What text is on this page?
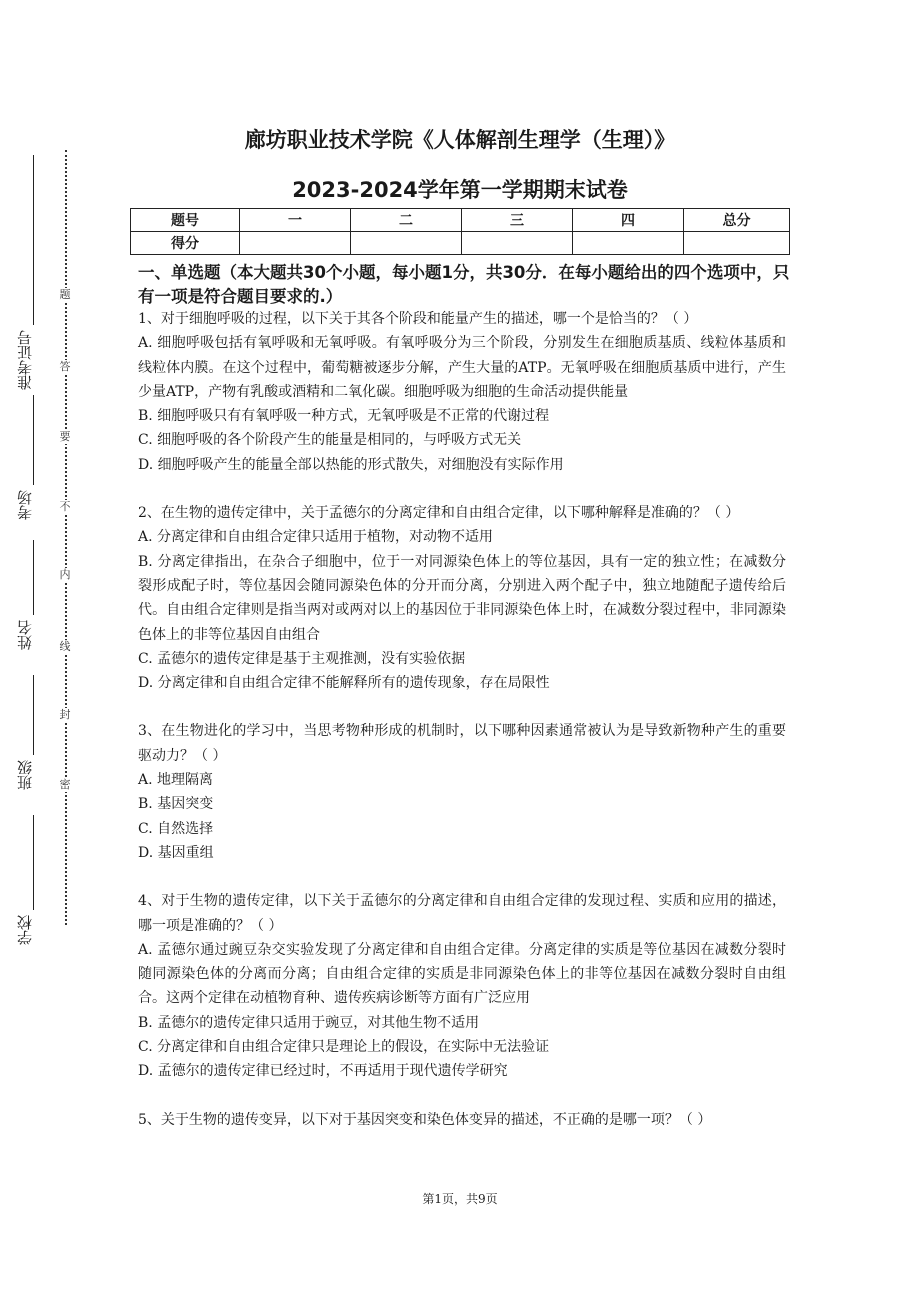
准考证号
考场
姓名
班级
学校
题
答
要
不
内
线
封
密
廊坊职业技术学院《人体解剖生理学（生理）》
2023-2024学年第一学期期末试卷
题号	一	二	三	四	总分
得分					
一、单选题（本大题共30个小题，每小题1分，共30分．在每小题给出的四个选项中，只有一项是符合题目要求的.）

1、对于细胞呼吸的过程，以下关于其各个阶段和能量产生的描述，哪一个是恰当的？（ ）

A. 细胞呼吸包括有氧呼吸和无氧呼吸。有氧呼吸分为三个阶段，分别发生在细胞质基质、线粒体基质和线粒体内膜。在这个过程中，葡萄糖被逐步分解，产生大量的ATP。无氧呼吸在细胞质基质中进行，产生少量ATP，产物有乳酸或酒精和二氧化碳。细胞呼吸为细胞的生命活动提供能量

B. 细胞呼吸只有有氧呼吸一种方式，无氧呼吸是不正常的代谢过程

C. 细胞呼吸的各个阶段产生的能量是相同的，与呼吸方式无关

D. 细胞呼吸产生的能量全部以热能的形式散失，对细胞没有实际作用

2、在生物的遗传定律中，关于孟德尔的分离定律和自由组合定律，以下哪种解释是准确的？（ ）

A. 分离定律和自由组合定律只适用于植物，对动物不适用

B. 分离定律指出，在杂合子细胞中，位于一对同源染色体上的等位基因，具有一定的独立性；在减数分裂形成配子时，等位基因会随同源染色体的分开而分离，分别进入两个配子中，独立地随配子遗传给后代。自由组合定律则是指当两对或两对以上的基因位于非同源染色体上时，在减数分裂过程中，非同源染色体上的非等位基因自由组合

C. 孟德尔的遗传定律是基于主观推测，没有实验依据

D. 分离定律和自由组合定律不能解释所有的遗传现象，存在局限性

3、在生物进化的学习中，当思考物种形成的机制时，以下哪种因素通常被认为是导致新物种产生的重要驱动力？（ ）

A. 地理隔离

B. 基因突变

C. 自然选择

D. 基因重组

4、对于生物的遗传定律，以下关于孟德尔的分离定律和自由组合定律的发现过程、实质和应用的描述，哪一项是准确的？（ ）

A. 孟德尔通过豌豆杂交实验发现了分离定律和自由组合定律。分离定律的实质是等位基因在减数分裂时随同源染色体的分离而分离；自由组合定律的实质是非同源染色体上的非等位基因在减数分裂时自由组合。这两个定律在动植物育种、遗传疾病诊断等方面有广泛应用

B. 孟德尔的遗传定律只适用于豌豆，对其他生物不适用

C. 分离定律和自由组合定律只是理论上的假设，在实际中无法验证

D. 孟德尔的遗传定律已经过时，不再适用于现代遗传学研究

5、关于生物的遗传变异，以下对于基因突变和染色体变异的描述，不正确的是哪一项？（ ）

第1页，共9页
